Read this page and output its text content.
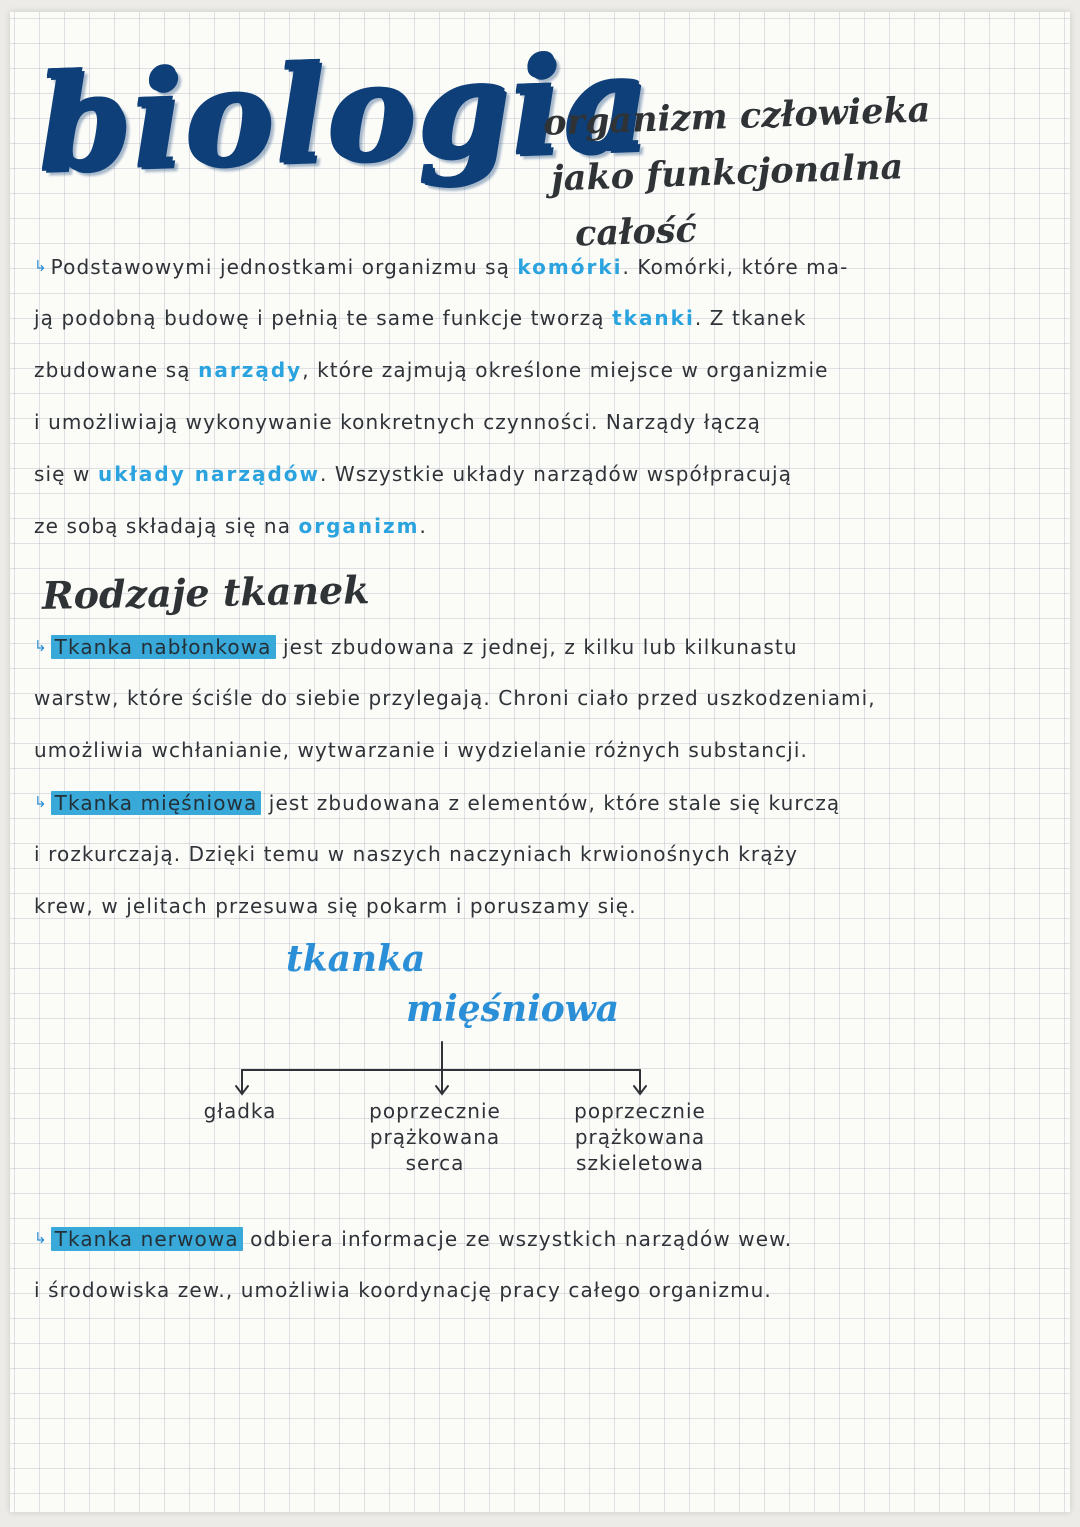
biologia
organizm człowieka
jako funkcjonalna
całość
↳ Podstawowymi jednostkami organizmu są komórki. Komórki, które ma-
ją podobną budowę i pełnią te same funkcje tworzą tkanki. Z tkanek
zbudowane są narządy, które zajmują określone miejsce w organizmie
i umożliwiają wykonywanie konkretnych czynności. Narządy łączą
się w układy narządów. Wszystkie układy narządów współpracują
ze sobą składają się na organizm.
Rodzaje tkanek
↳ Tkanka nabłonkowa jest zbudowana z jednej, z kilku lub kilkunastu
warstw, które ściśle do siebie przylegają. Chroni ciało przed uszkodzeniami,
umożliwia wchłanianie, wytwarzanie i wydzielanie różnych substancji.
↳ Tkanka mięśniowa jest zbudowana z elementów, które stale się kurczą
i rozkurczają. Dzięki temu w naszych naczyniach krwionośnych krąży
krew, w jelitach przesuwa się pokarm i poruszamy się.
tkanka
mięśniowa
gładka	poprzecznie
prążkowana
serca
poprzecznie
prążkowana
szkieletowa
↳ Tkanka nerwowa odbiera informacje ze wszystkich narządów wew.
i środowiska zew., umożliwia koordynację pracy całego organizmu.
